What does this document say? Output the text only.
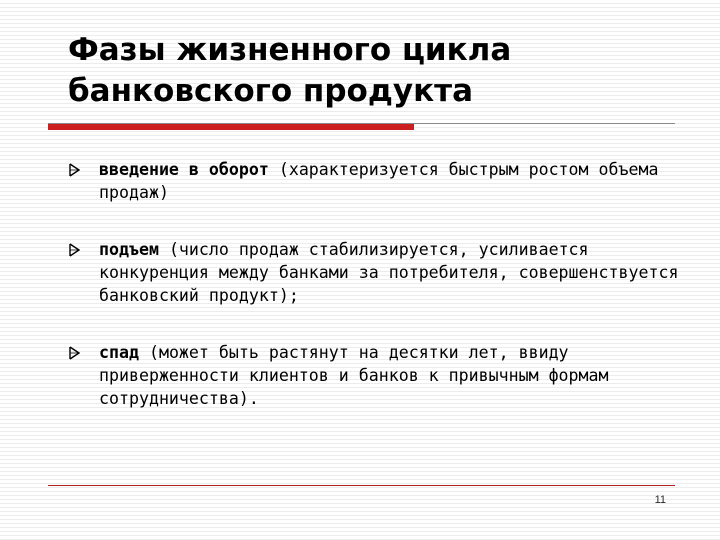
Фазы жизненного цикла
банковского продукта
введение в оборот (характеризуется быстрым ростом объема продаж)
подъем (число продаж стабилизируется, усиливается конкуренция между банками за потребителя, совершенствуется банковский продукт);
спад (может быть растянут на десятки лет, ввиду приверженности клиентов и банков к привычным формам сотрудничества).
11
